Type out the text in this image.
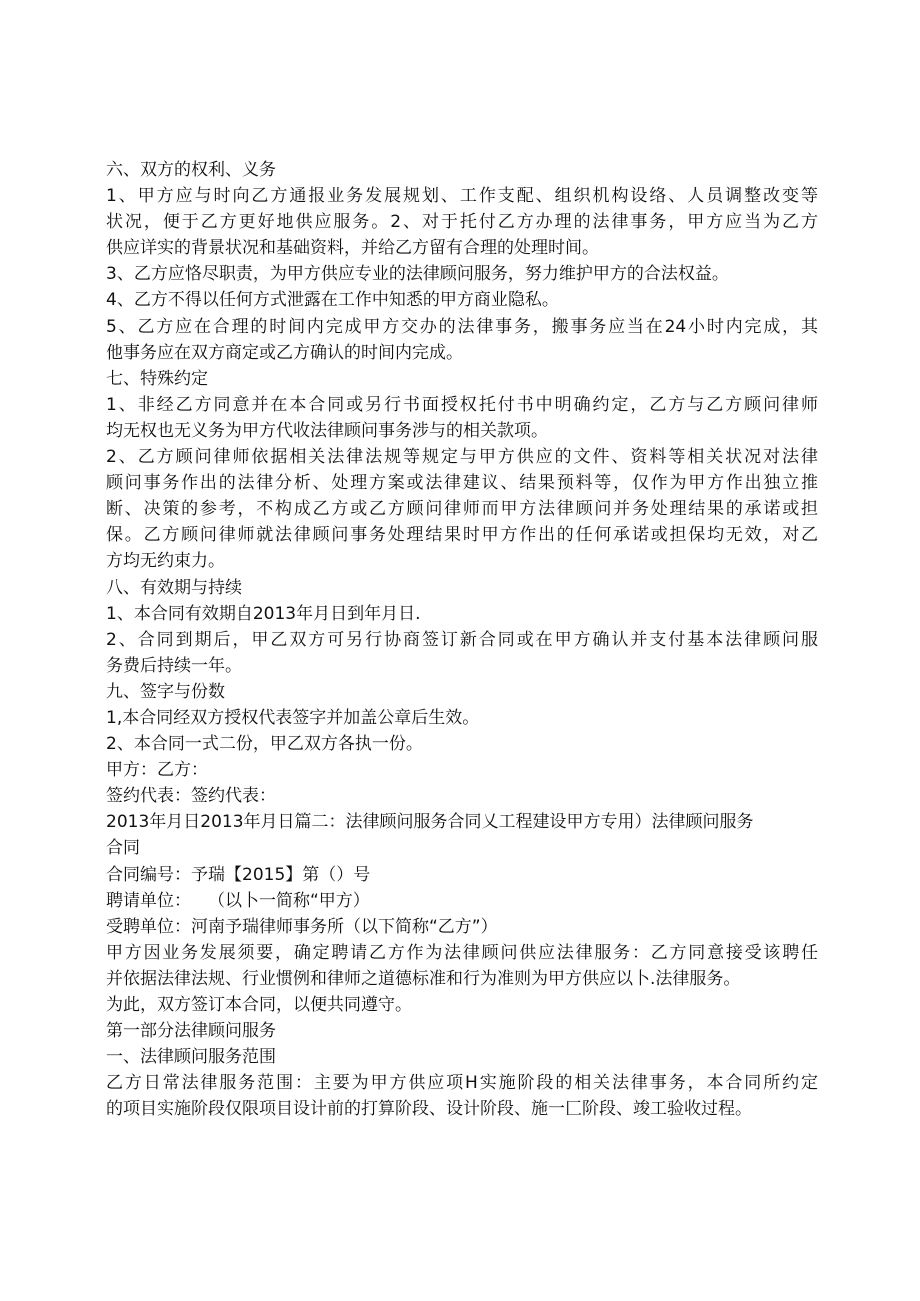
六、双方的权利、义务
1、甲方应与时向乙方通报业务发展规划、工作支配、组织机构设络、人员调整改变等
状况，便于乙方更好地供应服务。2、对于托付乙方办理的法律事务，甲方应当为乙方
供应详实的背景状况和基础资料，并给乙方留有合理的处理时间。
3、乙方应恪尽职责，为甲方供应专业的法律顾问服务，努力维护甲方的合法权益。
4、乙方不得以任何方式泄露在工作中知悉的甲方商业隐私。
5、乙方应在合理的时间内完成甲方交办的法律事务，搬事务应当在24小时内完成，其
他事务应在双方商定或乙方确认的时间内完成。
七、特殊约定
1、非经乙方同意并在本合同或另行书面授权托付书中明确约定，乙方与乙方顾问律师
均无权也无义务为甲方代收法律顾问事务涉与的相关款项。
2、乙方顾问律师依据相关法律法规等规定与甲方供应的文件、资料等相关状况对法律
顾问事务作出的法律分析、处理方案或法律建议、结果预料等，仅作为甲方作出独立推
断、决策的参考，不构成乙方或乙方顾问律师而甲方法律顾问并务处理结果的承诺或担
保。乙方顾问律师就法律顾问事务处理结果时甲方作出的任何承诺或担保均无效，对乙
方均无约束力。
八、有效期与持续
1、本合同有效期自2013年月日到年月日.
2、合同到期后，甲乙双方可另行协商签订新合同或在甲方确认并支付基本法律顾问服
务费后持续一年。
九、签字与份数
1,本合同经双方授权代表签字并加盖公章后生效。
2、本合同一式二份，甲乙双方各执一份。
甲方：乙方：
签约代表：签约代表：
2013年月日2013年月日篇二：法律顾问服务合同乂工程建设甲方专用）法律顾问服务
合同
合同编号：予瑞【2015】第（）号
聘请单位：　　（以卜一简称“甲方）
受聘单位：河南予瑞律师事务所（以下简称“乙方”）
甲方因业务发展须要，确定聘请乙方作为法律顾问供应法律服务：乙方同意接受该聘任
并依据法律法规、行业惯例和律师之道德标准和行为准则为甲方供应以卜.法律服务。
为此，双方签订本合同，以便共同遵守。
第一部分法律顾问服务
一、法律顾问服务范围
乙方日常法律服务范围：主要为甲方供应项H实施阶段的相关法律事务，本合同所约定
的项目实施阶段仅限项目设计前的打算阶段、设计阶段、施一匚阶段、竣工验收过程。
